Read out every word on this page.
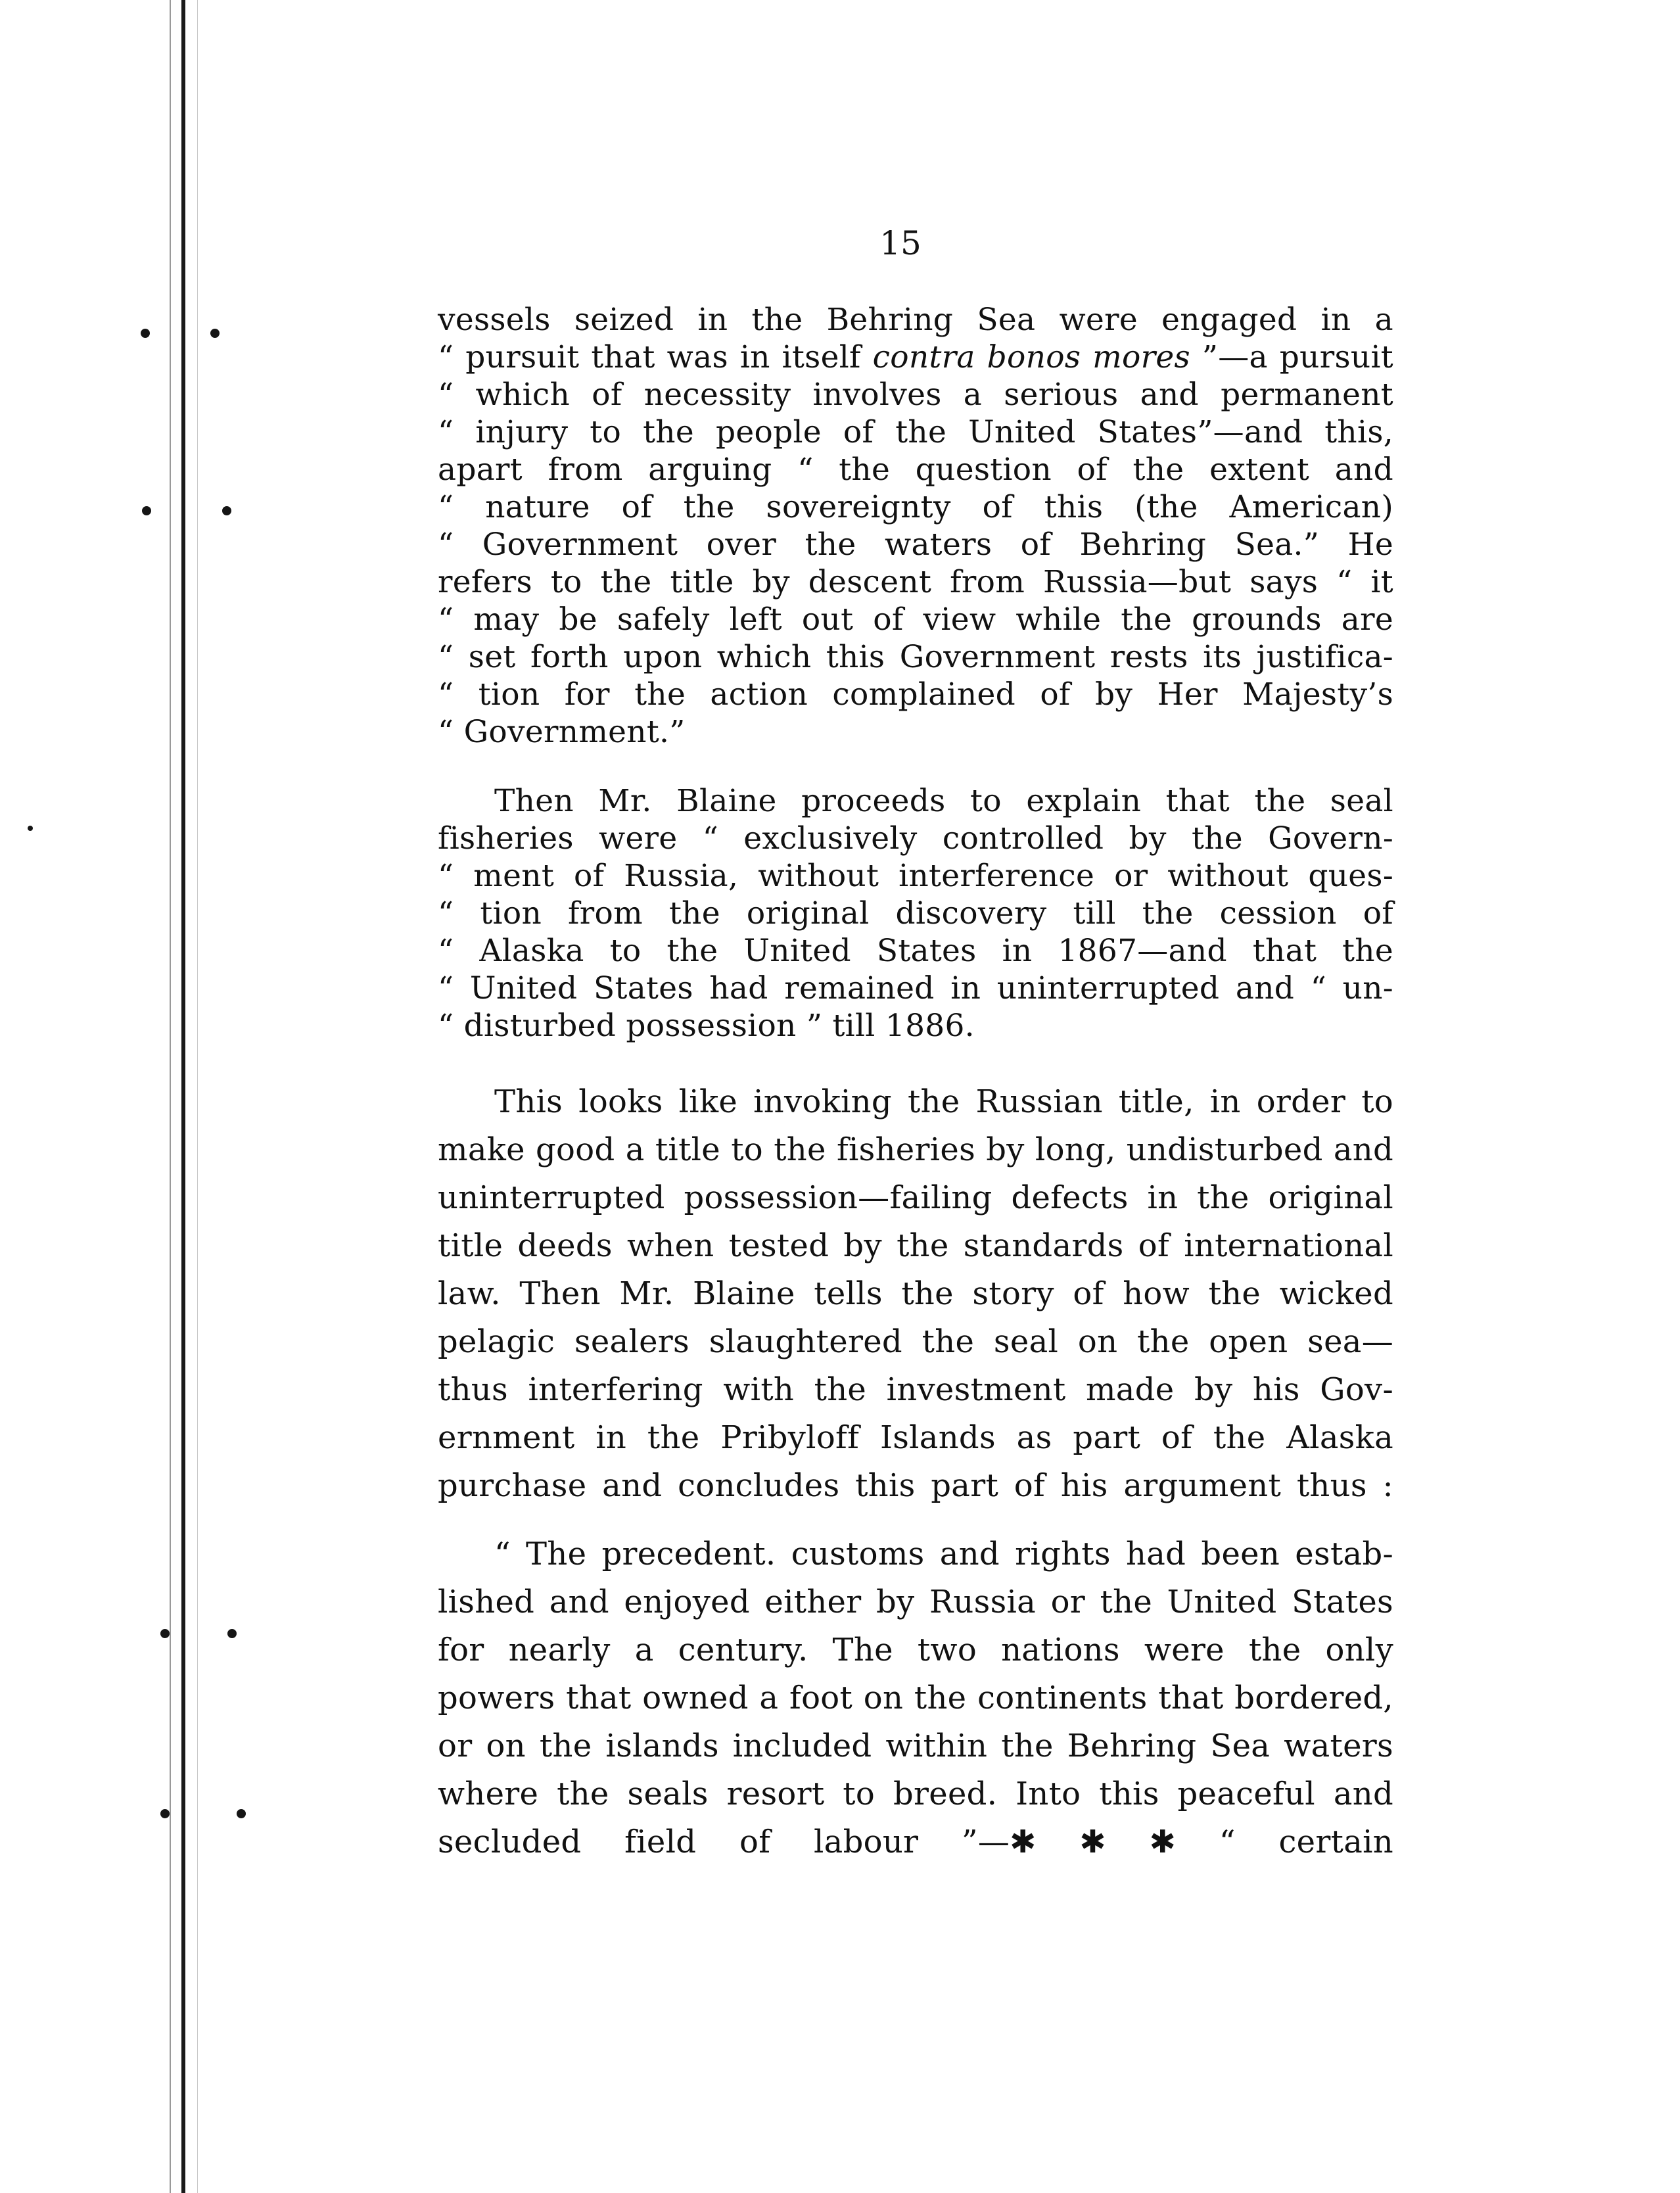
15
vessels seized in the Behring Sea were engaged in a
“ pursuit that was in itself contra bonos mores ”—a pursuit
“ which of necessity involves a serious and permanent
“ injury to the people of the United States”—and this,
apart from arguing “ the question of the extent and
“ nature of the sovereignty of this (the American)
“ Government over the waters of Behring Sea.” He
refers to the title by descent from Russia—but says “ it
“ may be safely left out of view while the grounds are
“ set forth upon which this Government rests its justifica-
“ tion for the action complained of by Her Majesty’s
“ Government.”
Then Mr. Blaine proceeds to explain that the seal
fisheries were “ exclusively controlled by the Govern-
“ ment of Russia, without interference or without ques-
“ tion from the original discovery till the cession of
“ Alaska to the United States in 1867—and that the
“ United States had remained in uninterrupted and “ un-
“ disturbed possession ” till 1886.
This looks like invoking the Russian title, in order to
make good a title to the fisheries by long, undisturbed and
uninterrupted possession—failing defects in the original
title deeds when tested by the standards of international
law. Then Mr. Blaine tells the story of how the wicked
pelagic sealers slaughtered the seal on the open sea—
thus interfering with the investment made by his Gov-
ernment in the Pribyloff Islands as part of the Alaska
purchase and concludes this part of his argument thus :
“ The precedent. customs and rights had been estab-
lished and enjoyed either by Russia or the United States
for nearly a century. The two nations were the only
powers that owned a foot on the continents that bordered,
or on the islands included within the Behring Sea waters
where the seals resort to breed. Into this peaceful and
secluded field of labour ”—✱ ✱ ✱ “ certain
